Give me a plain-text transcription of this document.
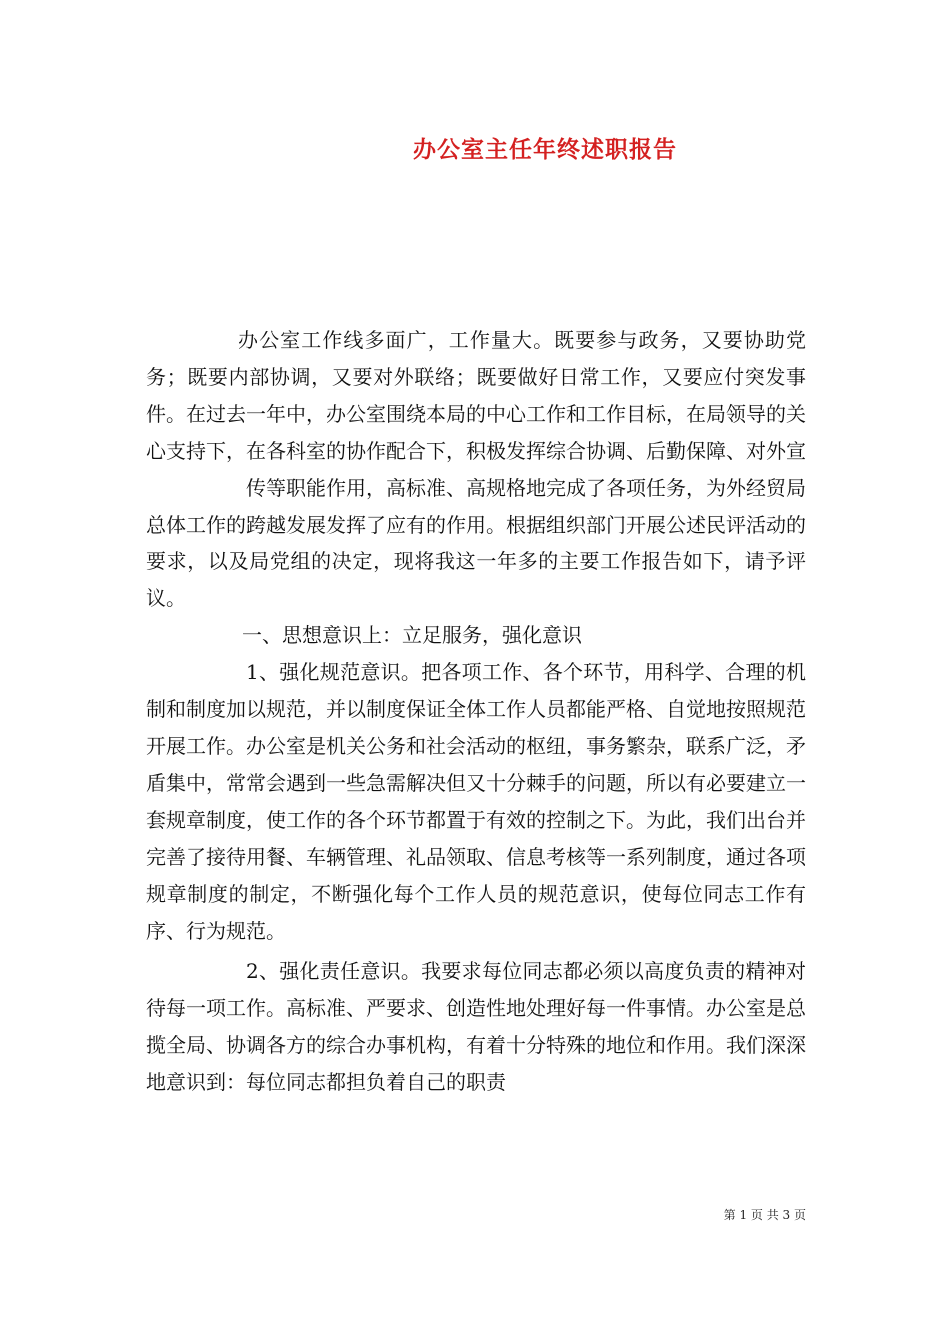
办公室主任年终述职报告

办公室工作线多面广，工作量大。既要参与政务，又要协助党务；既要内部协调，又要对外联络；既要做好日常工作，又要应付突发事件。在过去一年中，办公室围绕本局的中心工作和工作目标，在局领导的关心支持下，在各科室的协作配合下，积极发挥综合协调、后勤保障、对外宣

传等职能作用，高标准、高规格地完成了各项任务，为外经贸局总体工作的跨越发展发挥了应有的作用。根据组织部门开展公述民评活动的要求，以及局党组的决定，现将我这一年多的主要工作报告如下，请予评议。

一、思想意识上：立足服务，强化意识

1、强化规范意识。把各项工作、各个环节，用科学、合理的机制和制度加以规范，并以制度保证全体工作人员都能严格、自觉地按照规范开展工作。办公室是机关公务和社会活动的枢纽，事务繁杂，联系广泛，矛盾集中，常常会遇到一些急需解决但又十分棘手的问题，所以有必要建立一套规章制度，使工作的各个环节都置于有效的控制之下。为此，我们出台并完善了接待用餐、车辆管理、礼品领取、信息考核等一系列制度，通过各项规章制度的制定，不断强化每个工作人员的规范意识，使每位同志工作有序、行为规范。

2、强化责任意识。我要求每位同志都必须以高度负责的精神对待每一项工作。高标准、严要求、创造性地处理好每一件事情。办公室是总揽全局、协调各方的综合办事机构，有着十分特殊的地位和作用。我们深深地意识到：每位同志都担负着自己的职责

第 1 页 共 3 页
